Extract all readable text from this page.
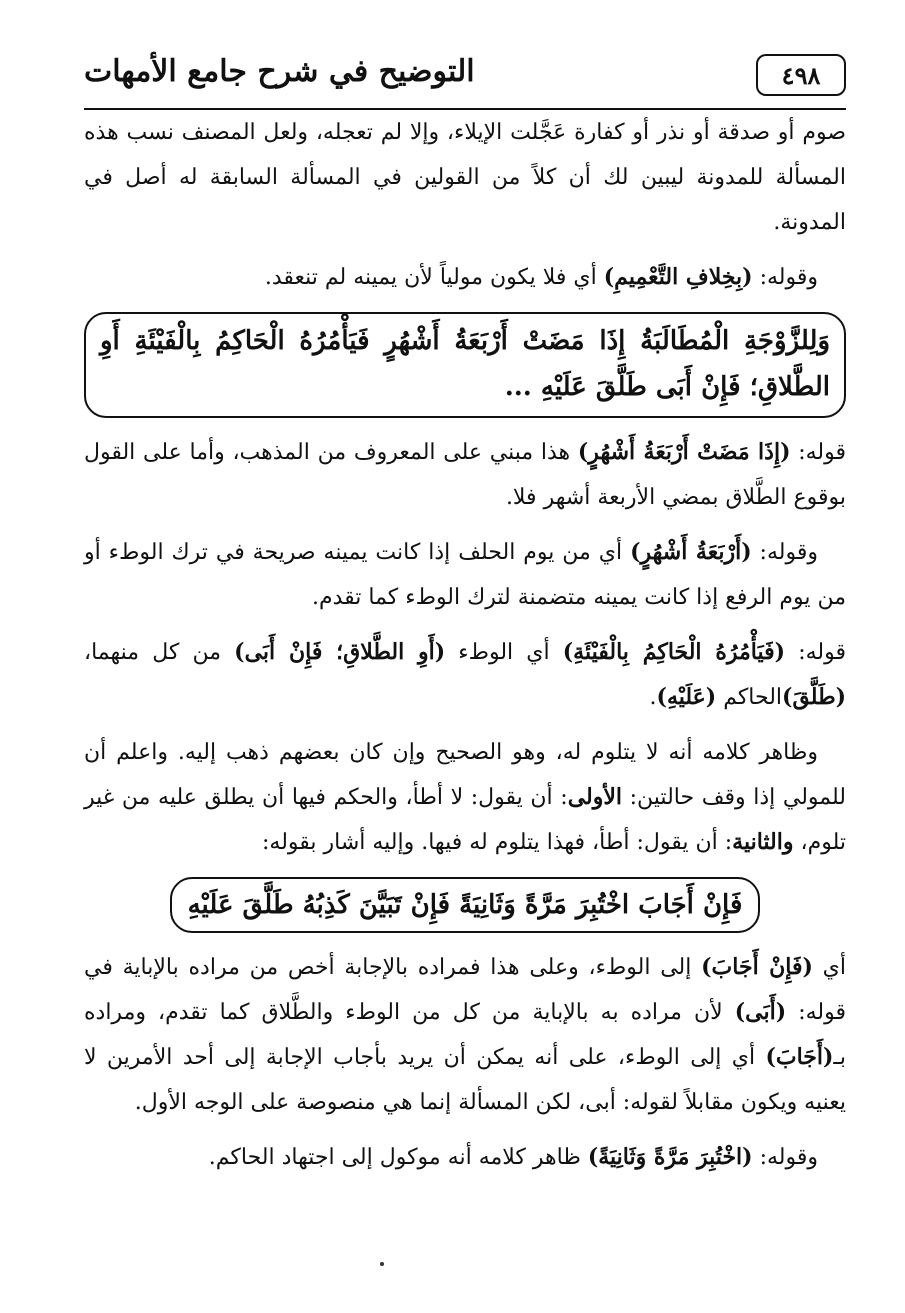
٤٩٨
التوضيح في شرح جامع الأمهات

صوم أو صدقة أو نذر أو كفارة عَجَّلت الإيلاء، وإلا لم تعجله، ولعل المصنف نسب هذه المسألة للمدونة ليبين لك أن كلاً من القولين في المسألة السابقة له أصل في المدونة.

وقوله: (بِخِلافِ التَّعْمِيمِ) أي فلا يكون مولياً لأن يمينه لم تنعقد.

وَلِلزَّوْجَةِ الْمُطَالَبَةُ إِذَا مَضَتْ أَرْبَعَةُ أَشْهُرٍ فَيَأْمُرُهُ الْحَاكِمُ بِالْفَيْئَةِ أَوِ الطَّلاقِ؛ فَإِنْ أَبَى طَلَّقَ عَلَيْهِ ...

قوله: (إِذَا مَضَتْ أَرْبَعَةُ أَشْهُرٍ) هذا مبني على المعروف من المذهب، وأما على القول بوقوع الطَّلاق بمضي الأربعة أشهر فلا.

وقوله: (أَرْبَعَةُ أَشْهُرٍ) أي من يوم الحلف إذا كانت يمينه صريحة في ترك الوطء أو من يوم الرفع إذا كانت يمينه متضمنة لترك الوطء كما تقدم.

قوله: (فَيَأْمُرُهُ الْحَاكِمُ بِالْفَيْئَةِ) أي الوطء (أَوِ الطَّلاقِ؛ فَإِنْ أَبَى) من كل منهما، (طَلَّقَ)الحاكم (عَلَيْهِ).

وظاهر كلامه أنه لا يتلوم له، وهو الصحيح وإن كان بعضهم ذهب إليه. واعلم أن للمولي إذا وقف حالتين: الأولى: أن يقول: لا أطأ، والحكم فيها أن يطلق عليه من غير تلوم، والثانية: أن يقول: أطأ، فهذا يتلوم له فيها. وإليه أشار بقوله:

فَإِنْ أَجَابَ اخْتُبِرَ مَرَّةً وَثَانِيَةً فَإِنْ تَبَيَّنَ كَذِبُهُ طَلَّقَ عَلَيْهِ

أي (فَإِنْ أَجَابَ) إلى الوطء، وعلى هذا فمراده بالإجابة أخص من مراده بالإباية في قوله: (أَبَى) لأن مراده به بالإباية من كل من الوطء والطَّلاق كما تقدم، ومراده بـ(أَجَابَ) أي إلى الوطء، على أنه يمكن أن يريد بأجاب الإجابة إلى أحد الأمرين لا يعنيه ويكون مقابلاً لقوله: أبى، لكن المسألة إنما هي منصوصة على الوجه الأول.

وقوله: (اخْتُبِرَ مَرَّةً وَثَانِيَةً) ظاهر كلامه أنه موكول إلى اجتهاد الحاكم.
